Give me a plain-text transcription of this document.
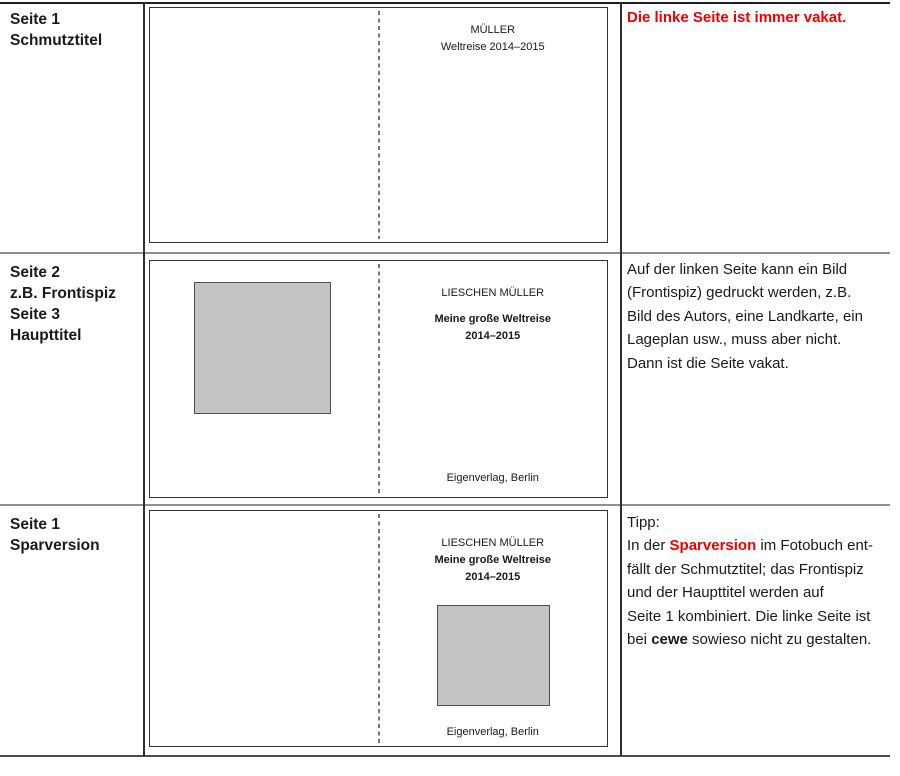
Seite 1
Schmutztitel
MÜLLER
Weltreise 2014–2015
Die linke Seite ist immer vakat.
Seite 2
z.B. Frontispiz
Seite 3
Haupttitel
LIESCHEN MÜLLER
Meine große Weltreise
2014–2015
Eigenverlag, Berlin
Auf der linken Seite kann ein Bild
(Frontispiz) gedruckt werden, z.B.
Bild des Autors, eine Landkarte, ein
Lageplan usw., muss aber nicht.
Dann ist die Seite vakat.
Seite 1
Sparversion	LIESCHEN MÜLLER
Meine große Weltreise
2014–2015
Eigenverlag, Berlin
Tipp:
In der Sparversion im Fotobuch ent-
fällt der Schmutztitel; das Frontispiz
und der Haupttitel werden auf
Seite 1 kombiniert. Die linke Seite ist
bei cewe sowieso nicht zu gestalten.
